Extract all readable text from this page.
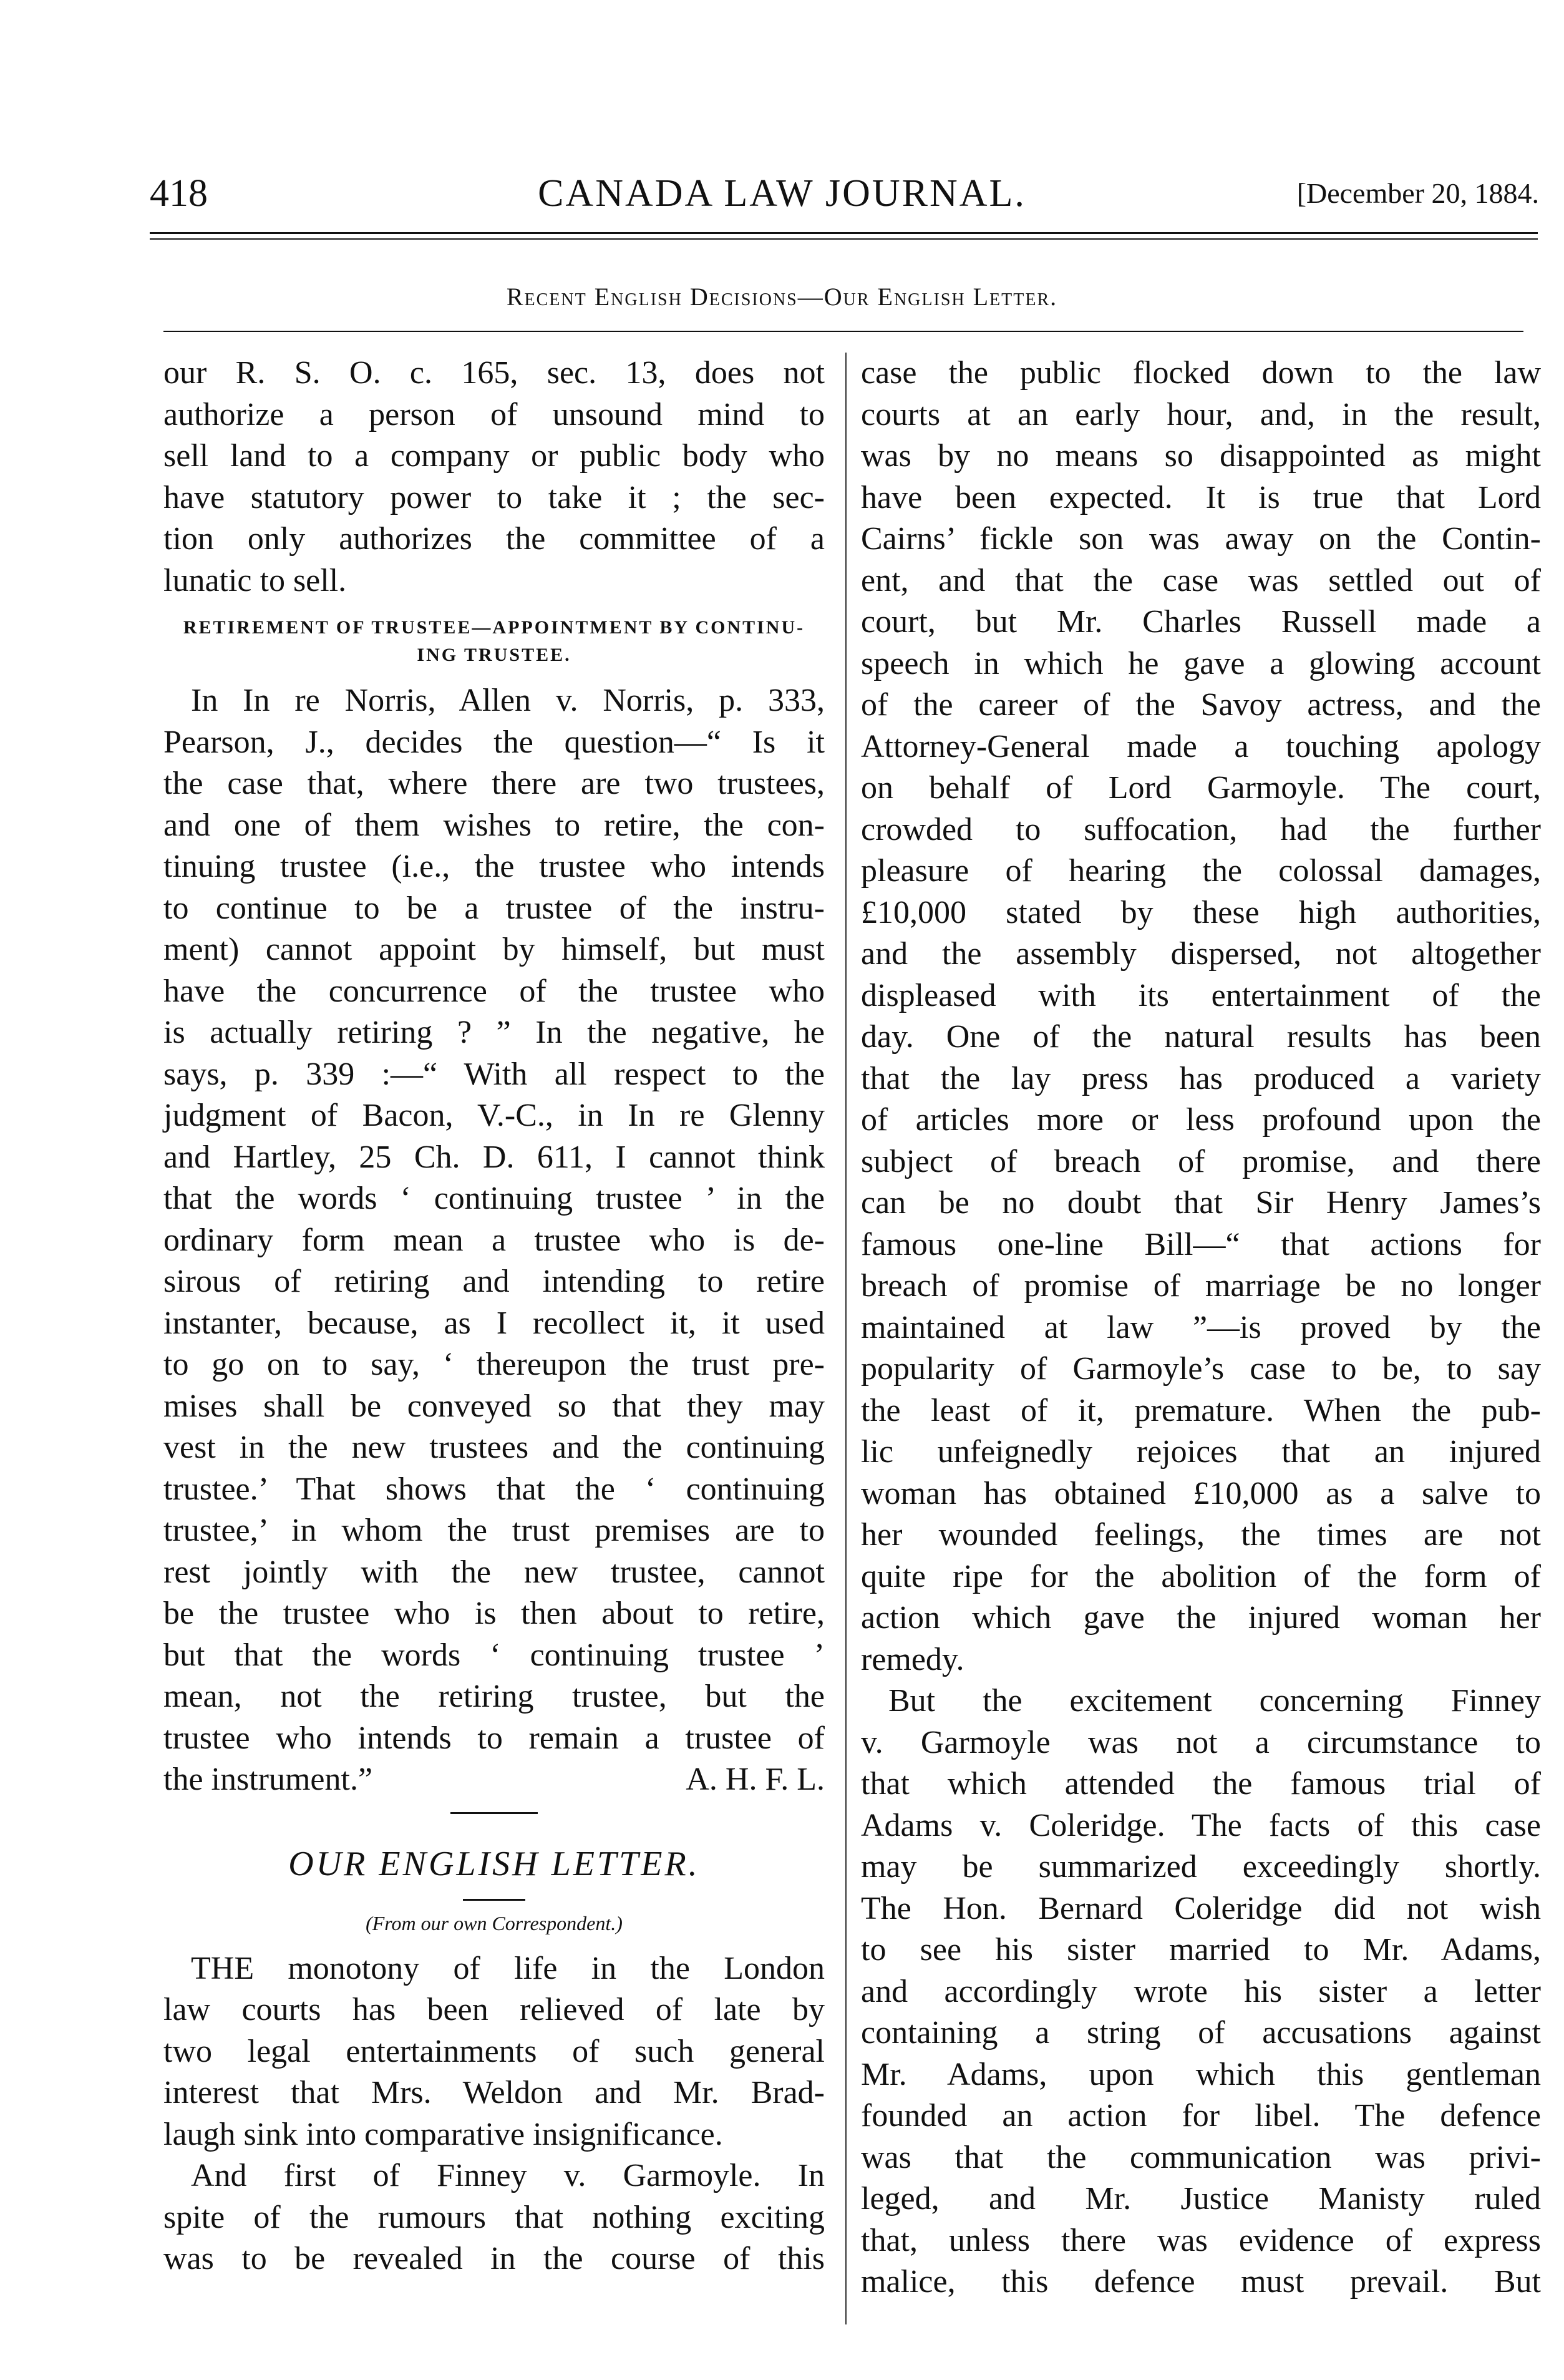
418	CANADA LAW JOURNAL.	[December 20, 1884.
Recent English Decisions—Our English Letter.
our R. S. O. c. 165, sec. 13, does not
authorize a person of unsound mind to
sell land to a company or public body who
have statutory power to take it ; the sec-
tion only authorizes the committee of a
lunatic to sell.
RETIREMENT OF TRUSTEE—APPOINTMENT BY CONTINU-
ING TRUSTEE.
In In re Norris, Allen v. Norris, p. 333,
Pearson, J., decides the question—“ Is it
the case that, where there are two trustees,
and one of them wishes to retire, the con-
tinuing trustee (i.e., the trustee who intends
to continue to be a trustee of the instru-
ment) cannot appoint by himself, but must
have the concurrence of the trustee who
is actually retiring ? ” In the negative, he
says, p. 339 :—“ With all respect to the
judgment of Bacon, V.-C., in In re Glenny
and Hartley, 25 Ch. D. 611, I cannot think
that the words ‘ continuing trustee ’ in the
ordinary form mean a trustee who is de-
sirous of retiring and intending to retire
instanter, because, as I recollect it, it used
to go on to say, ‘ thereupon the trust pre-
mises shall be conveyed so that they may
vest in the new trustees and the continuing
trustee.’ That shows that the ‘ continuing
trustee,’ in whom the trust premises are to
rest jointly with the new trustee, cannot
be the trustee who is then about to retire,
but that the words ‘ continuing trustee ’
mean, not the retiring trustee, but the
trustee who intends to remain a trustee of
the instrument.”	A. H. F. L.
OUR ENGLISH LETTER.
(From our own Correspondent.)
THE monotony of life in the London
law courts has been relieved of late by
two legal entertainments of such general
interest that Mrs. Weldon and Mr. Brad-
laugh sink into comparative insignificance.
And first of Finney v. Garmoyle. In
spite of the rumours that nothing exciting
was to be revealed in the course of this
case the public flocked down to the law
courts at an early hour, and, in the result,
was by no means so disappointed as might
have been expected. It is true that Lord
Cairns’ fickle son was away on the Contin-
ent, and that the case was settled out of
court, but Mr. Charles Russell made a
speech in which he gave a glowing account
of the career of the Savoy actress, and the
Attorney-General made a touching apology
on behalf of Lord Garmoyle. The court,
crowded to suffocation, had the further
pleasure of hearing the colossal damages,
£10,000 stated by these high authorities,
and the assembly dispersed, not altogether
displeased with its entertainment of the
day. One of the natural results has been
that the lay press has produced a variety
of articles more or less profound upon the
subject of breach of promise, and there
can be no doubt that Sir Henry James’s
famous one-line Bill—“ that actions for
breach of promise of marriage be no longer
maintained at law ”—is proved by the
popularity of Garmoyle’s case to be, to say
the least of it, premature. When the pub-
lic unfeignedly rejoices that an injured
woman has obtained £10,000 as a salve to
her wounded feelings, the times are not
quite ripe for the abolition of the form of
action which gave the injured woman her
remedy.
But the excitement concerning Finney
v. Garmoyle was not a circumstance to
that which attended the famous trial of
Adams v. Coleridge. The facts of this case
may be summarized exceedingly shortly.
The Hon. Bernard Coleridge did not wish
to see his sister married to Mr. Adams,
and accordingly wrote his sister a letter
containing a string of accusations against
Mr. Adams, upon which this gentleman
founded an action for libel. The defence
was that the communication was privi-
leged, and Mr. Justice Manisty ruled
that, unless there was evidence of express
malice, this defence must prevail. But
